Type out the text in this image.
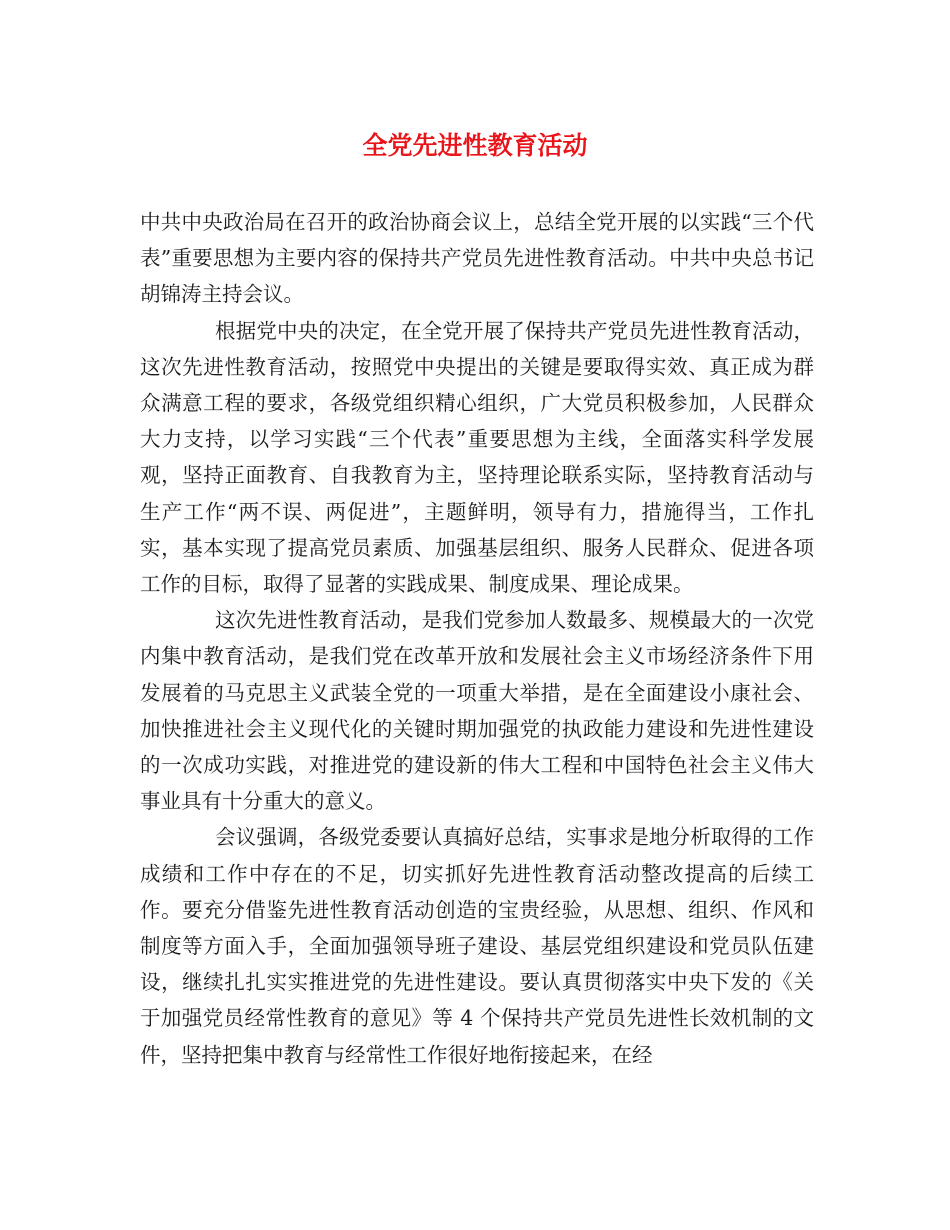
全党先进性教育活动

中共中央政治局在召开的政治协商会议上，总结全党开展的以实践“三个代表”重要思想为主要内容的保持共产党员先进性教育活动。中共中央总书记胡锦涛主持会议。

根据党中央的决定，在全党开展了保持共产党员先进性教育活动，这次先进性教育活动，按照党中央提出的关键是要取得实效、真正成为群众满意工程的要求，各级党组织精心组织，广大党员积极参加，人民群众大力支持，以学习实践“三个代表”重要思想为主线，全面落实科学发展观，坚持正面教育、自我教育为主，坚持理论联系实际，坚持教育活动与生产工作“两不误、两促进”，主题鲜明，领导有力，措施得当，工作扎实，基本实现了提高党员素质、加强基层组织、服务人民群众、促进各项工作的目标，取得了显著的实践成果、制度成果、理论成果。

这次先进性教育活动，是我们党参加人数最多、规模最大的一次党内集中教育活动，是我们党在改革开放和发展社会主义市场经济条件下用发展着的马克思主义武装全党的一项重大举措，是在全面建设小康社会、加快推进社会主义现代化的关键时期加强党的执政能力建设和先进性建设的一次成功实践，对推进党的建设新的伟大工程和中国特色社会主义伟大事业具有十分重大的意义。

会议强调，各级党委要认真搞好总结，实事求是地分析取得的工作成绩和工作中存在的不足，切实抓好先进性教育活动整改提高的后续工作。要充分借鉴先进性教育活动创造的宝贵经验，从思想、组织、作风和制度等方面入手，全面加强领导班子建设、基层党组织建设和党员队伍建设，继续扎扎实实推进党的先进性建设。要认真贯彻落实中央下发的《关于加强党员经常性教育的意见》等 4 个保持共产党员先进性长效机制的文件，坚持把集中教育与经常性工作很好地衔接起来，在经
